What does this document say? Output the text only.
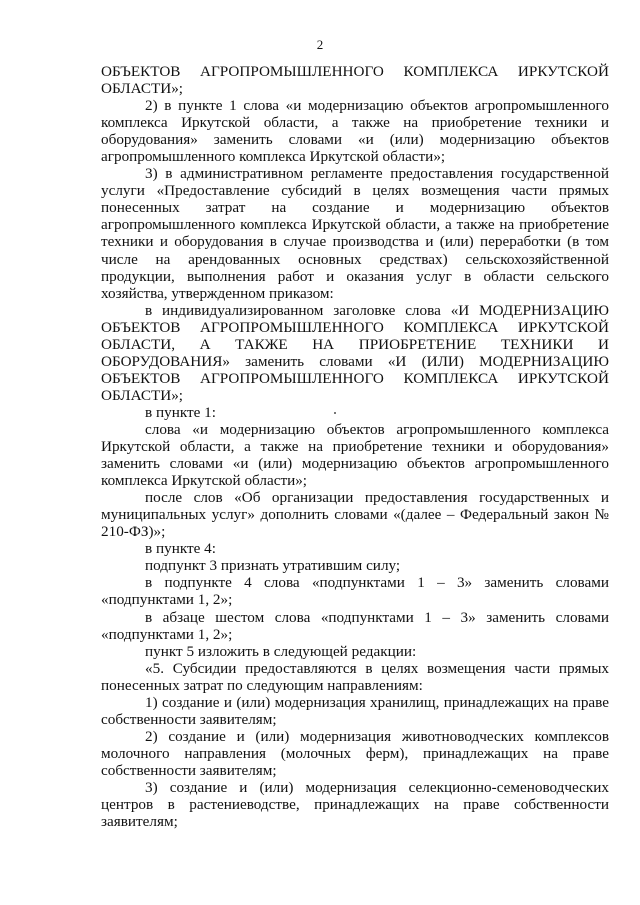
2

ОБЪЕКТОВ АГРОПРОМЫШЛЕННОГО КОМПЛЕКСА ИРКУТСКОЙ ОБЛАСТИ»;

2) в пункте 1 слова «и модернизацию объектов агропромышленного комплекса Иркутской области, а также на приобретение техники и оборудования» заменить словами «и (или) модернизацию объектов агропромышленного комплекса Иркутской области»;

3) в административном регламенте предоставления государственной услуги «Предоставление субсидий в целях возмещения части прямых понесенных затрат на создание и модернизацию объектов агропромышленного комплекса Иркутской области, а также на приобретение техники и оборудования в случае производства и (или) переработки (в том числе на арендованных основных средствах) сельскохозяйственной продукции, выполнения работ и оказания услуг в области сельского хозяйства, утвержденном приказом:

в индивидуализированном заголовке слова «И МОДЕРНИЗАЦИЮ ОБЪЕКТОВ АГРОПРОМЫШЛЕННОГО КОМПЛЕКСА ИРКУТСКОЙ ОБЛАСТИ, А ТАКЖЕ НА ПРИОБРЕТЕНИЕ ТЕХНИКИ И ОБОРУДОВАНИЯ» заменить словами «И (ИЛИ) МОДЕРНИЗАЦИЮ ОБЪЕКТОВ АГРОПРОМЫШЛЕННОГО КОМПЛЕКСА ИРКУТСКОЙ ОБЛАСТИ»;

в пункте 1:

слова «и модернизацию объектов агропромышленного комплекса Иркутской области, а также на приобретение техники и оборудования» заменить словами «и (или) модернизацию объектов агропромышленного комплекса Иркутской области»;

после слов «Об организации предоставления государственных и муниципальных услуг» дополнить словами «(далее – Федеральный закон № 210-ФЗ)»;

в пункте 4:

подпункт 3 признать утратившим силу;

в подпункте 4 слова «подпунктами 1 – 3» заменить словами «подпунктами 1, 2»;

в абзаце шестом слова «подпунктами 1 – 3» заменить словами «подпунктами 1, 2»;

пункт 5 изложить в следующей редакции:

«5. Субсидии предоставляются в целях возмещения части прямых понесенных затрат по следующим направлениям:

1) создание и (или) модернизация хранилищ, принадлежащих на праве собственности заявителям;

2) создание и (или) модернизация животноводческих комплексов молочного направления (молочных ферм), принадлежащих на праве собственности заявителям;

3) создание и (или) модернизация селекционно-семеноводческих центров в растениеводстве, принадлежащих на праве собственности заявителям;
